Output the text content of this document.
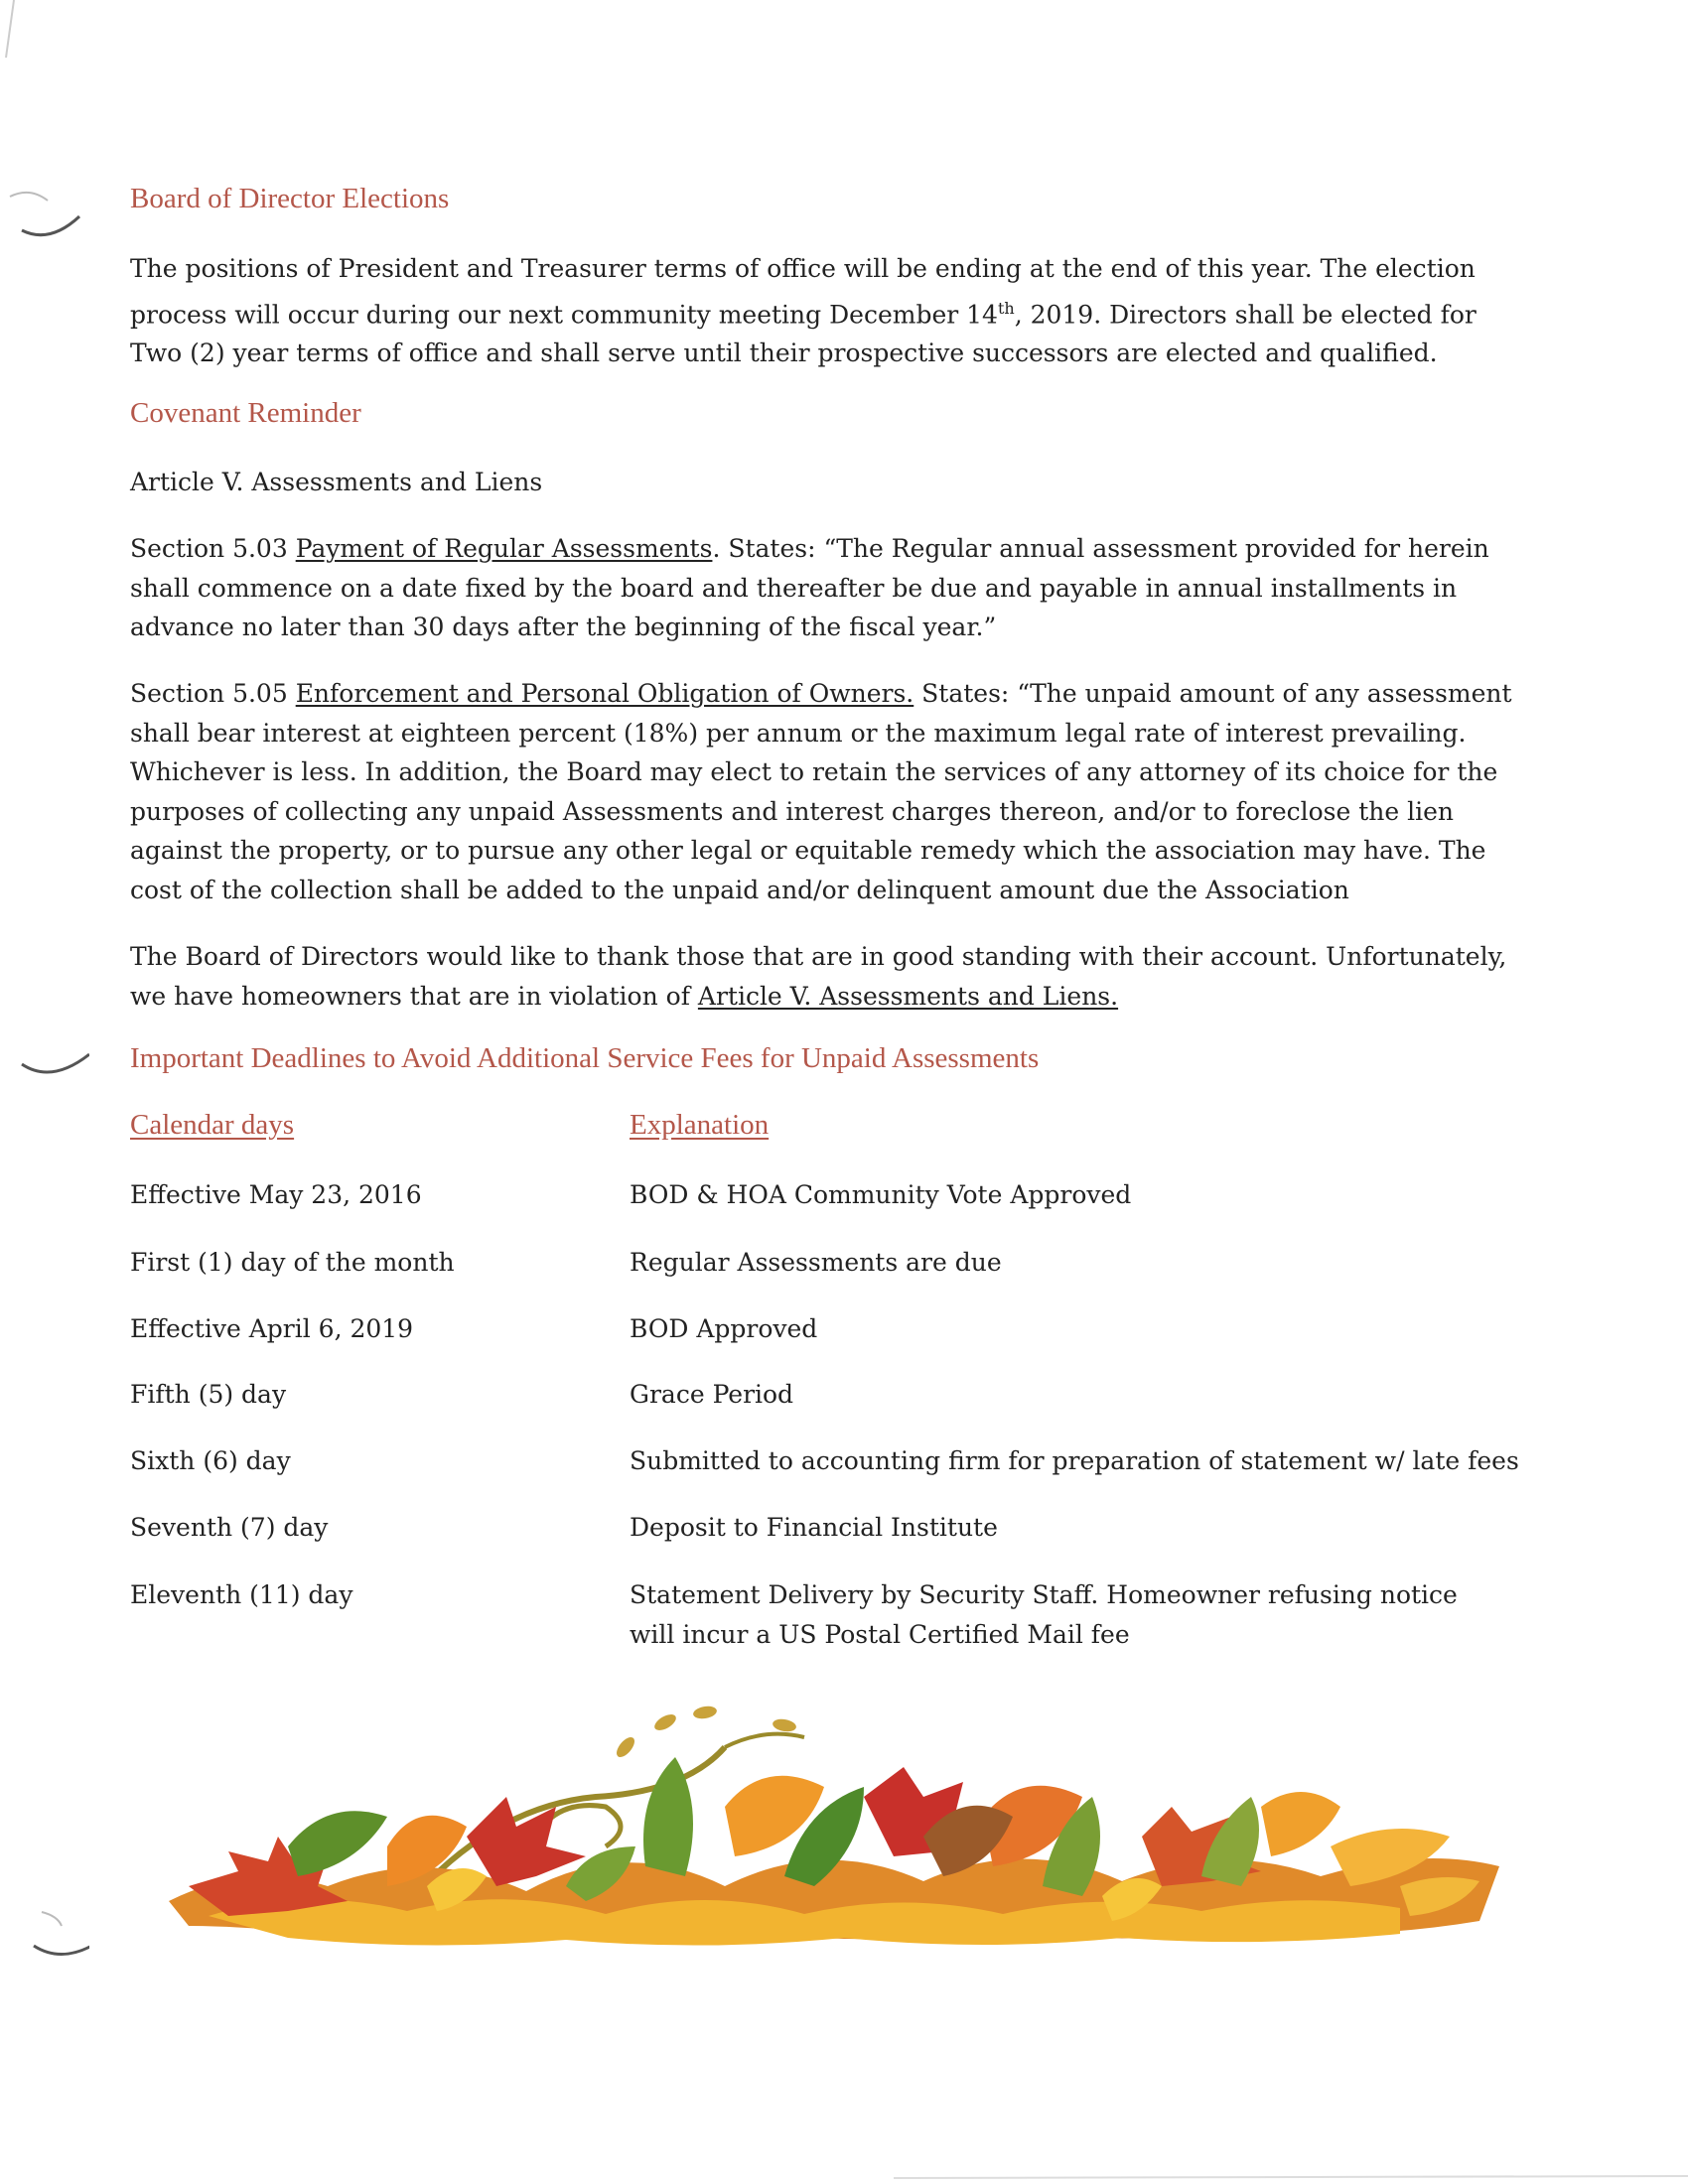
Board of Director Elections

The positions of President and Treasurer terms of office will be ending at the end of this year. The election process will occur during our next community meeting December 14th, 2019. Directors shall be elected for Two (2) year terms of office and shall serve until their prospective successors are elected and qualified.

Covenant Reminder

Article V. Assessments and Liens

Section 5.03 Payment of Regular Assessments. States: “The Regular annual assessment provided for herein shall commence on a date fixed by the board and thereafter be due and payable in annual installments in advance no later than 30 days after the beginning of the fiscal year.”

Section 5.05 Enforcement and Personal Obligation of Owners. States: “The unpaid amount of any assessment shall bear interest at eighteen percent (18%) per annum or the maximum legal rate of interest prevailing. Whichever is less. In addition, the Board may elect to retain the services of any attorney of its choice for the purposes of collecting any unpaid Assessments and interest charges thereon, and/or to foreclose the lien against the property, or to pursue any other legal or equitable remedy which the association may have. The cost of the collection shall be added to the unpaid and/or delinquent amount due the Association

The Board of Directors would like to thank those that are in good standing with their account. Unfortunately, we have homeowners that are in violation of Article V. Assessments and Liens.

Important Deadlines to Avoid Additional Service Fees for Unpaid Assessments
Calendar days	Explanation

Effective May 23, 2016	BOD & HOA Community Vote Approved

First (1) day of the month	Regular Assessments are due

Effective April 6, 2019	BOD Approved

Fifth (5) day	Grace Period

Sixth (6) day	Submitted to accounting firm for preparation of statement w/ late fees

Seventh (7) day	Deposit to Financial Institute

Eleventh (11) day	Statement Delivery by Security Staff. Homeowner refusing notice will incur a US Postal Certified Mail fee
